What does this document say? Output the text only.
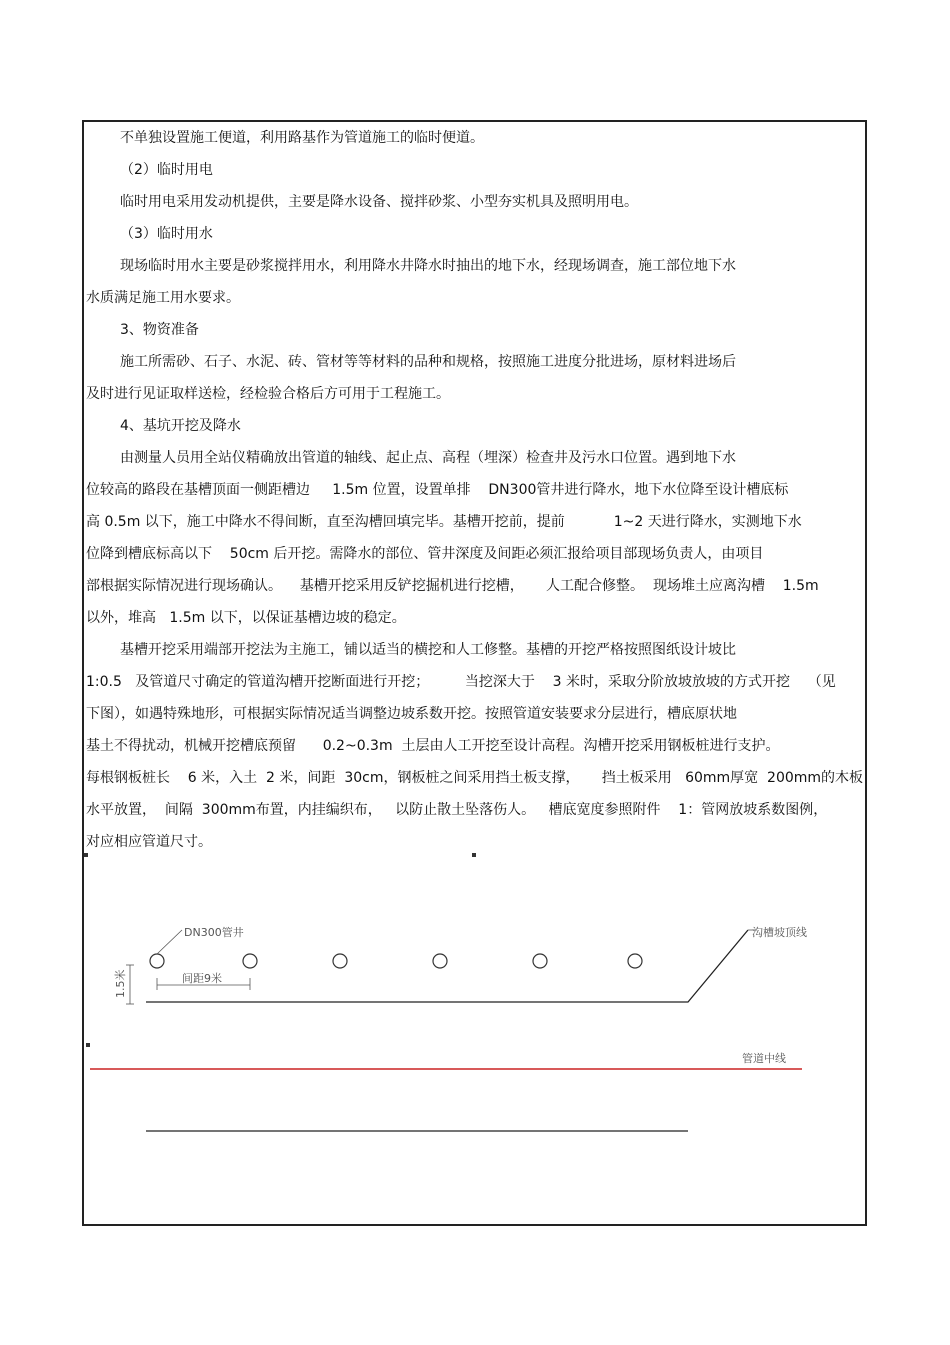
不单独设置施工便道，利用路基作为管道施工的临时便道。
（2）临时用电
临时用电采用发动机提供，主要是降水设备、搅拌砂浆、小型夯实机具及照明用电。
（3）临时用水
现场临时用水主要是砂浆搅拌用水，利用降水井降水时抽出的地下水，经现场调查，施工部位地下水
水质满足施工用水要求。
3、物资准备
施工所需砂、石子、水泥、砖、管材等等材料的品种和规格，按照施工进度分批进场，原材料进场后
及时进行见证取样送检，经检验合格后方可用于工程施工。
4、基坑开挖及降水
由测量人员用全站仪精确放出管道的轴线、起止点、高程（埋深）检查井及污水口位置。遇到地下水
位较高的路段在基槽顶面一侧距槽边     1.5m 位置，设置单排    DN300管井进行降水，地下水位降至设计槽底标
高 0.5m 以下，施工中降水不得间断，直至沟槽回填完毕。基槽开挖前，提前           1~2 天进行降水，实测地下水
位降到槽底标高以下    50cm 后开挖。需降水的部位、管井深度及间距必须汇报给项目部现场负责人，由项目
部根据实际情况进行现场确认。    基槽开挖采用反铲挖掘机进行挖槽，     人工配合修整。  现场堆土应离沟槽    1.5m
以外，堆高   1.5m 以下，以保证基槽边坡的稳定。
基槽开挖采用端部开挖法为主施工，铺以适当的横挖和人工修整。基槽的开挖严格按照图纸设计坡比
1:0.5   及管道尺寸确定的管道沟槽开挖断面进行开挖；        当挖深大于    3 米时，采取分阶放坡放坡的方式开挖    （见
下图），如遇特殊地形，可根据实际情况适当调整边坡系数开挖。按照管道安装要求分层进行，槽底原状地
基土不得扰动，机械开挖槽底预留      0.2~0.3m  土层由人工开挖至设计高程。沟槽开挖采用钢板桩进行支护。
每根钢板桩长    6 米，入土  2 米，间距  30cm，钢板桩之间采用挡土板支撑，     挡土板采用   60mm厚宽  200mm的木板
水平放置，  间隔  300mm布置，内挂编织布，   以防止散土坠落伤人。   槽底宽度参照附件    1：管网放坡系数图例，
对应相应管道尺寸。
DN300管井
间距9米
1.5米
沟槽坡顶线
管道中线
